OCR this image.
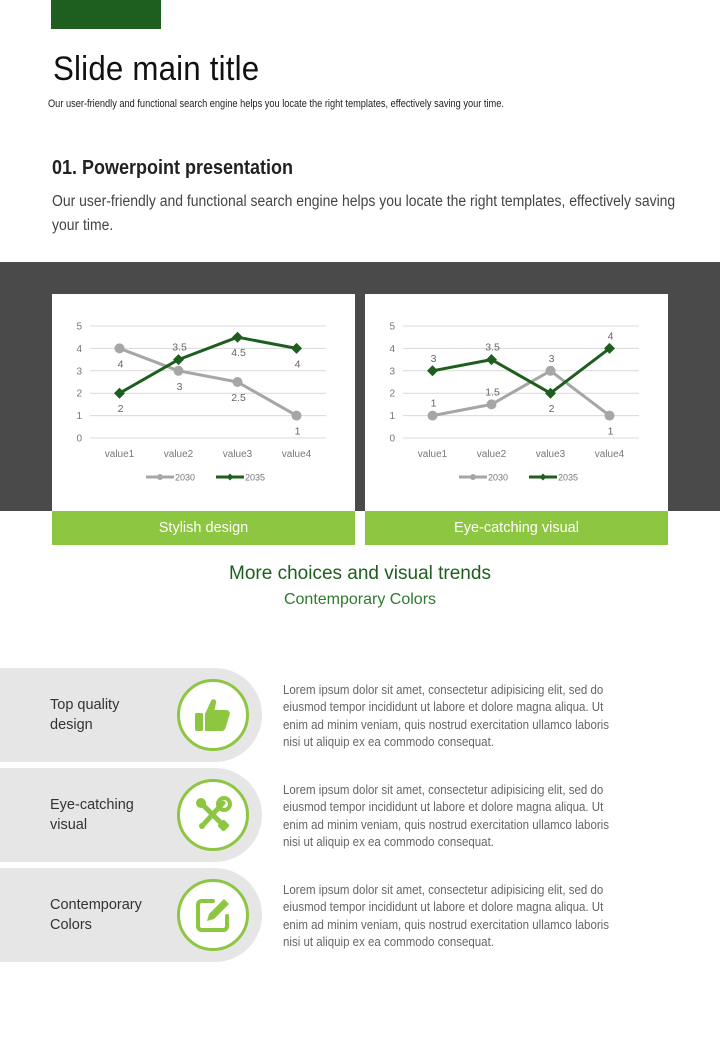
Slide main title

Our user-friendly and functional search engine helps you locate the right templates, effectively saving your time.

01. Powerpoint presentation

Our user-friendly and functional search engine helps you locate the right templates, effectively saving your time.

0
1
2
3
4
5
value1	value2	value3	value4
4
3
2.5
1
2
3.5	4.5
4
2030	2035
Stylish design
0
1
2
3
4
5
value1	value2	value3	value4
1
1.5
3
1
3
3.5
2
4
2030	2035
Eye-catching visual
More choices and visual trends
Contemporary Colors
Top quality
design

Lorem ipsum dolor sit amet, consectetur adipisicing elit, sed do eiusmod tempor incididunt ut labore et dolore magna aliqua. Ut enim ad minim veniam, quis nostrud exercitation ullamco laboris nisi ut aliquip ex ea commodo consequat.

Eye-catching
visual

Lorem ipsum dolor sit amet, consectetur adipisicing elit, sed do eiusmod tempor incididunt ut labore et dolore magna aliqua. Ut enim ad minim veniam, quis nostrud exercitation ullamco laboris nisi ut aliquip ex ea commodo consequat.

Contemporary
Colors

Lorem ipsum dolor sit amet, consectetur adipisicing elit, sed do eiusmod tempor incididunt ut labore et dolore magna aliqua. Ut enim ad minim veniam, quis nostrud exercitation ullamco laboris nisi ut aliquip ex ea commodo consequat.
